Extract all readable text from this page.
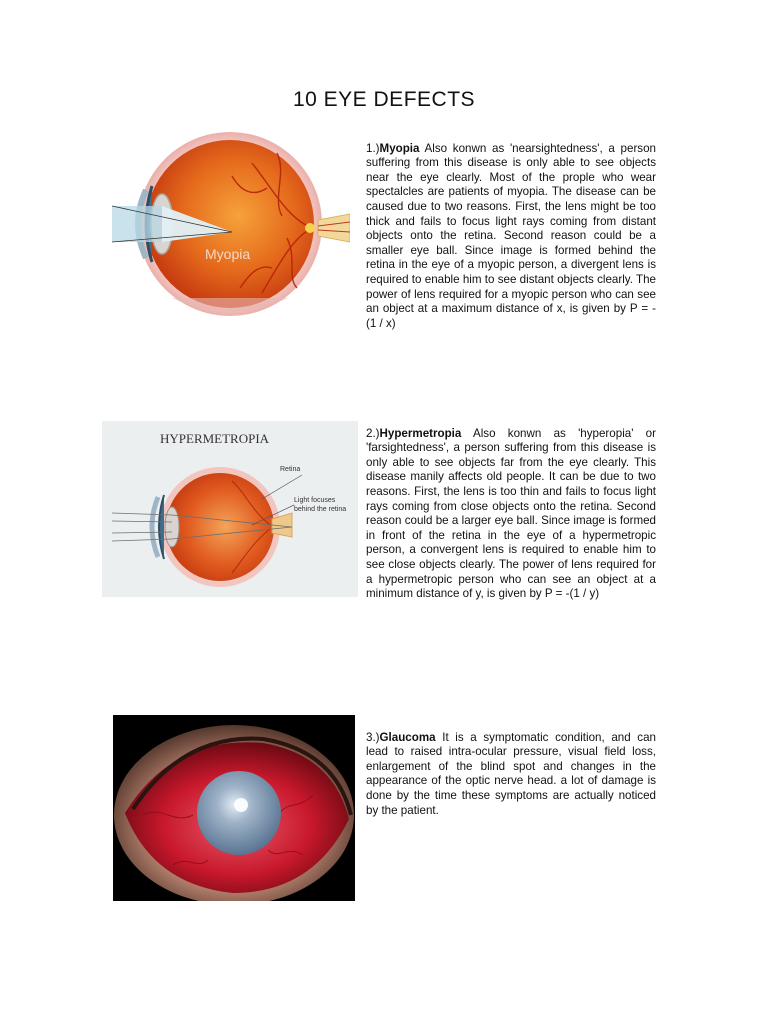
10 EYE DEFECTS
Myopia

1.)Myopia Also konwn as 'nearsightedness', a person suffering from this disease is only able to see objects near the eye clearly. Most of the prople who wear spectalcles are patients of myopia. The disease can be caused due to two reasons. First, the lens might be too thick and fails to focus light rays coming from distant objects onto the retina. Second reason could be a smaller eye ball. Since image is formed behind the retina in the eye of a myopic person, a divergent lens is required to enable him to see distant objects clearly. The power of lens required for a myopic person who can see an object at a maximum distance of x, is given by P = -(1 / x)

HYPERMETROPIA
Retina
Light focuses
behind the retina

2.)Hypermetropia Also konwn as 'hyperopia' or 'farsightedness', a person suffering from this disease is only able to see objects far from the eye clearly. This disease manily affects old people. It can be due to two reasons. First, the lens is too thin and fails to focus light rays coming from close objects onto the retina. Second reason could be a larger eye ball. Since image is formed in front of the retina in the eye of a hypermetropic person, a convergent lens is required to enable him to see close objects clearly. The power of lens required for a hypermetropic person who can see an object at a minimum distance of y, is given by P = -(1 / y)

3.)Glaucoma It is a symptomatic condition, and can lead to raised intra-ocular pressure, visual field loss, enlargement of the blind spot and changes in the appearance of the optic nerve head. a lot of damage is done by the time these symptoms are actually noticed by the patient.
